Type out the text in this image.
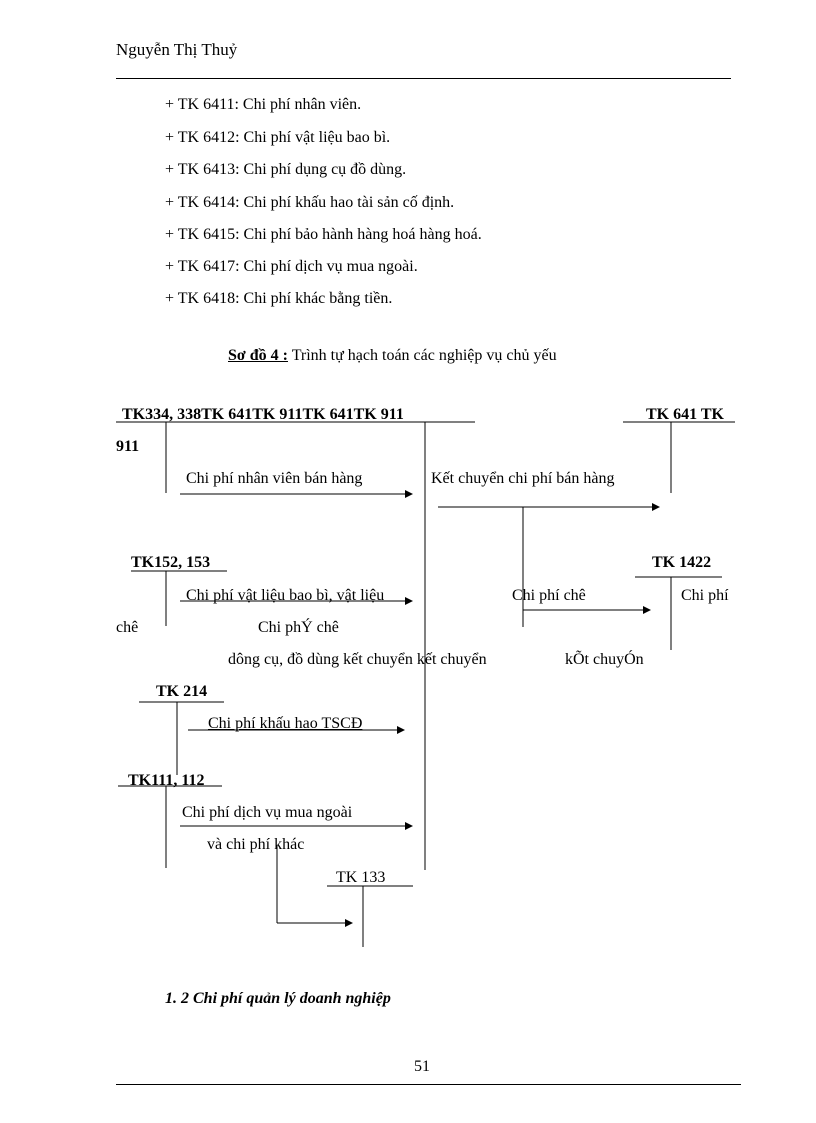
Nguyễn Thị Thuỷ
+ TK 6411: Chi phí nhân viên.
+ TK 6412: Chi phí vật liệu bao bì.
+ TK 6413: Chi phí dụng cụ đồ dùng.
+ TK 6414: Chi phí khấu hao tài sản cố định.
+ TK 6415: Chi phí bảo hành hàng hoá hàng hoá.
+ TK 6417: Chi phí dịch vụ mua ngoài.
+ TK 6418: Chi phí khác bằng tiền.
Sơ đồ 4 : Trình tự hạch toán các nghiệp vụ chủ yếu
TK334, 338TK 641TK 911TK 641TK 911	TK 641 TK
911
Chi phí nhân viên bán hàng	Kết chuyển chi phí bán hàng
TK152, 153	TK 1422
Chi phí vật liệu bao bì, vật liệu	Chi phí chê	Chi phí
chê	Chi phÝ chê
dông cụ, đồ dùng kết chuyển kết chuyển	kÕt chuyÓn
TK 214
Chi phí khấu hao TSCĐ
TK111, 112
Chi phí dịch vụ mua ngoài
và chi phí khác
TK 133
1. 2 Chi phí quản lý doanh nghiệp
51
